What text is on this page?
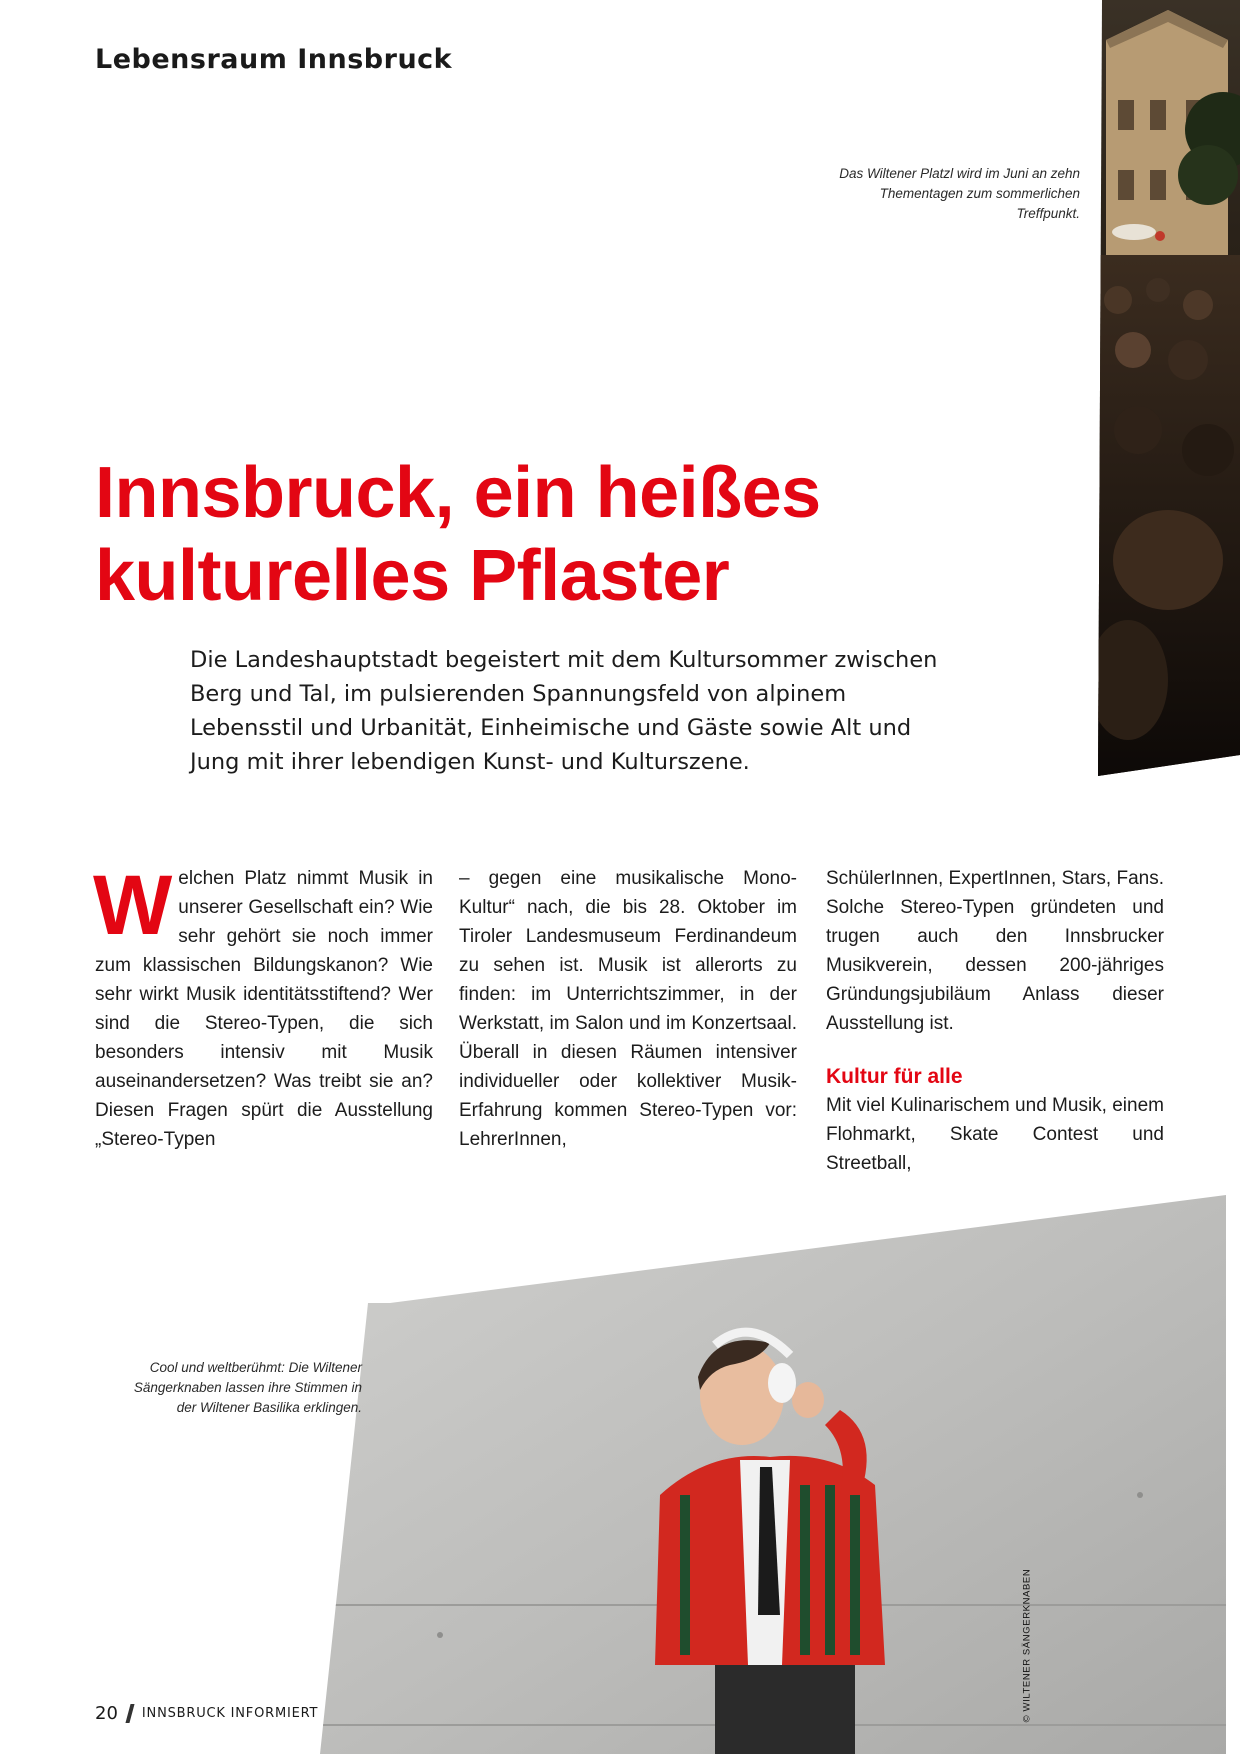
Lebensraum Innsbruck
Das Wiltener Platzl wird im Juni an zehn Thementagen zum sommerlichen Treffpunkt.
Innsbruck, ein heißes kulturelles Pflaster

Die Landeshauptstadt begeistert mit dem Kultursommer zwischen Berg und Tal, im pulsierenden Spannungsfeld von alpinem Lebensstil und Urbanität, Einheimische und Gäste sowie Alt und Jung mit ihrer lebendigen Kunst- und Kulturszene.

W elchen Platz nimmt Musik in unserer Gesellschaft ein? Wie sehr gehört sie noch immer zum klassischen Bildungskanon? Wie sehr wirkt Musik identitätsstiftend? Wer sind die Stereo-Typen, die sich besonders intensiv mit Musik auseinandersetzen? Was treibt sie an? Diesen Fragen spürt die Ausstellung „Stereo-Typen

– gegen eine musikalische Mono-Kultur“ nach, die bis 28. Oktober im Tiroler Landesmuseum Ferdinandeum zu sehen ist. Musik ist allerorts zu finden: im Unterrichtszimmer, in der Werkstatt, im Salon und im Konzertsaal. Überall in diesen Räumen intensiver individueller oder kollektiver Musik-Erfahrung kommen Stereo-Typen vor: LehrerInnen,

SchülerInnen, ExpertInnen, Stars, Fans. Solche Stereo-Typen gründeten und trugen auch den Innsbrucker Musikverein, dessen 200-jähriges Gründungsjubiläum Anlass dieser Ausstellung ist.

Kultur für alle

Mit viel Kulinarischem und Musik, einem Flohmarkt, Skate Contest und Streetball,

Cool und weltberühmt: Die Wiltener Sängerknaben lassen ihre Stimmen in der Wiltener Basilika erklingen.
© WILTENER SÄNGERKNABEN
20 INNSBRUCK INFORMIERT
